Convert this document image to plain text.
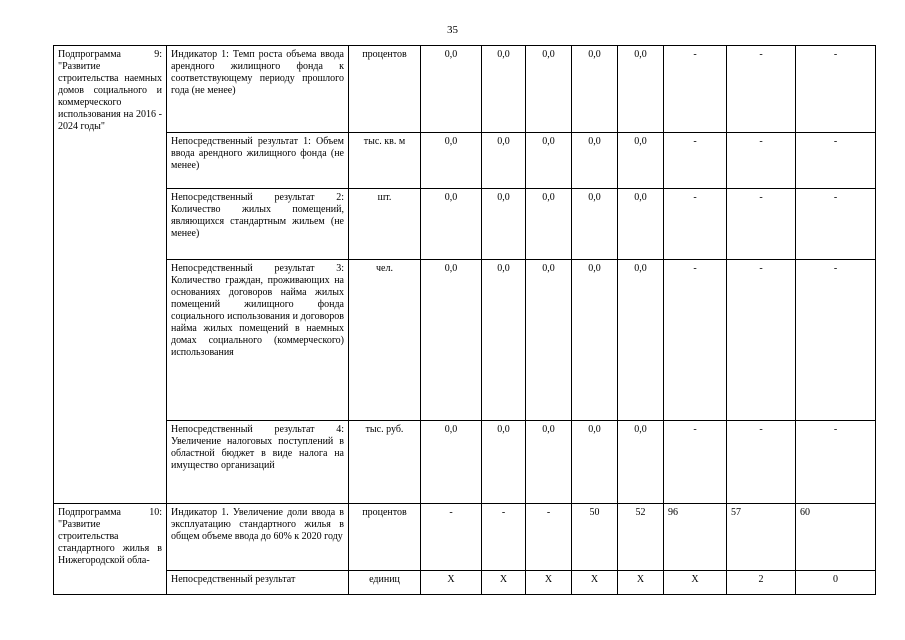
35
Подпрограмма 9: "Развитие строительства наемных домов социального и коммерческого использования на 2016 - 2024 годы"	Индикатор 1: Темп роста объема ввода арендного жилищного фонда к соответствующему периоду прошлого года (не менее)	процентов	0,0	0,0	0,0	0,0	0,0	-	-	-
	Непосредственный результат 1: Объем ввода арендного жилищного фонда (не менее)	тыс. кв. м	0,0	0,0	0,0	0,0	0,0	-	-	-
	Непосредственный результат 2: Количество жилых помещений, являющихся стандартным жильем (не менее)	шт.	0,0	0,0	0,0	0,0	0,0	-	-	-
	Непосредственный результат 3: Количество граждан, проживающих на основаниях договоров найма жилых помещений жилищного фонда социального использования и договоров найма жилых помещений в наемных домах социального (коммерческого) использования	чел.	0,0	0,0	0,0	0,0	0,0	-	-	-
	Непосредственный результат 4: Увеличение налоговых поступлений в областной бюджет в виде налога на имущество организаций	тыс. руб.	0,0	0,0	0,0	0,0	0,0	-	-	-
Подпрограмма 10: "Развитие строительства стандартного жилья в Нижегородской обла-	Индикатор 1. Увеличение доли ввода в эксплуатацию стандартного жилья в общем объеме ввода до 60% к 2020 году	процентов	-	-	-	50	52	96	57	60
	Непосредственный результат	единиц	X	X	X	X	X	X	2	0
